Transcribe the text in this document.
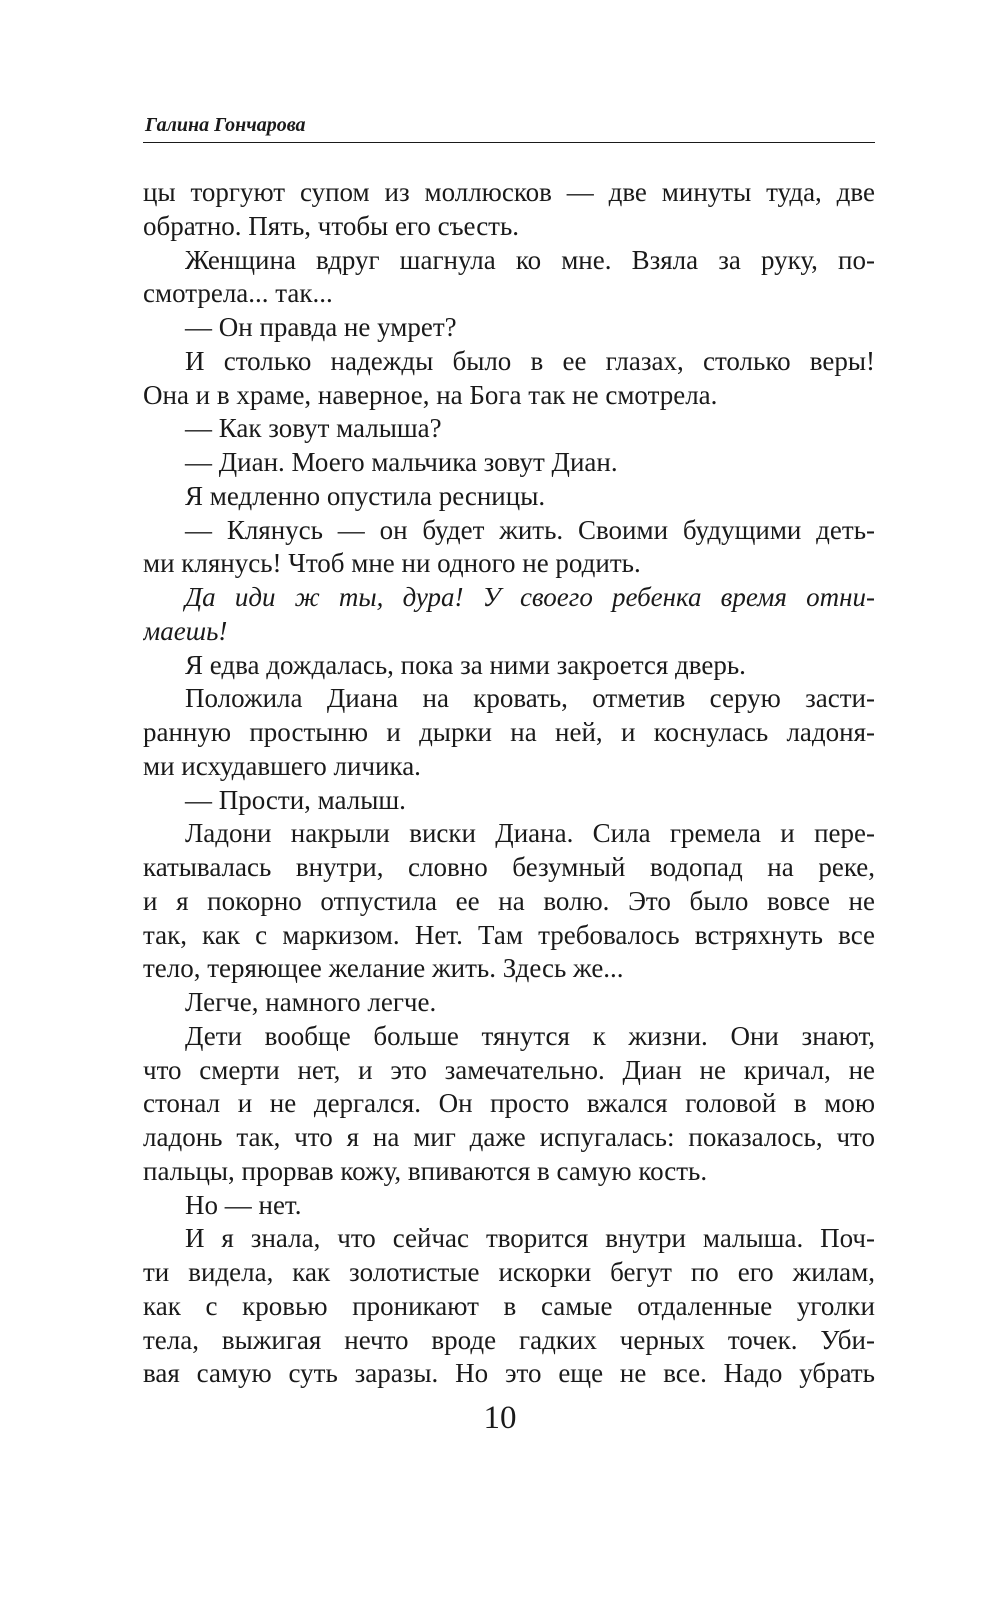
Галина Гончарова
цы торгуют супом из моллюсков — две минуты туда, две
обратно. Пять, чтобы его съесть.
Женщина вдруг шагнула ко мне. Взяла за руку, по-
смотрела... так...
— Он правда не умрет?
И столько надежды было в ее глазах, столько веры!
Она и в храме, наверное, на Бога так не смотрела.
— Как зовут малыша?
— Диан. Моего мальчика зовут Диан.
Я медленно опустила ресницы.
— Клянусь — он будет жить. Своими будущими деть-
ми клянусь! Чтоб мне ни одного не родить.
Да иди ж ты, дура! У своего ребенка время отни-
маешь!
Я едва дождалась, пока за ними закроется дверь.
Положила Диана на кровать, отметив серую засти-
ранную простыню и дырки на ней, и коснулась ладоня-
ми исхудавшего личика.
— Прости, малыш.
Ладони накрыли виски Диана. Сила гремела и пере-
катывалась внутри, словно безумный водопад на реке,
и я покорно отпустила ее на волю. Это было вовсе не
так, как с маркизом. Нет. Там требовалось встряхнуть все
тело, теряющее желание жить. Здесь же...
Легче, намного легче.
Дети вообще больше тянутся к жизни. Они знают,
что смерти нет, и это замечательно. Диан не кричал, не
стонал и не дергался. Он просто вжался головой в мою
ладонь так, что я на миг даже испугалась: показалось, что
пальцы, прорвав кожу, впиваются в самую кость.
Но — нет.
И я знала, что сейчас творится внутри малыша. Поч-
ти видела, как золотистые искорки бегут по его жилам,
как с кровью проникают в самые отдаленные уголки
тела, выжигая нечто вроде гадких черных точек. Уби-
вая самую суть заразы. Но это еще не все. Надо убрать
10
